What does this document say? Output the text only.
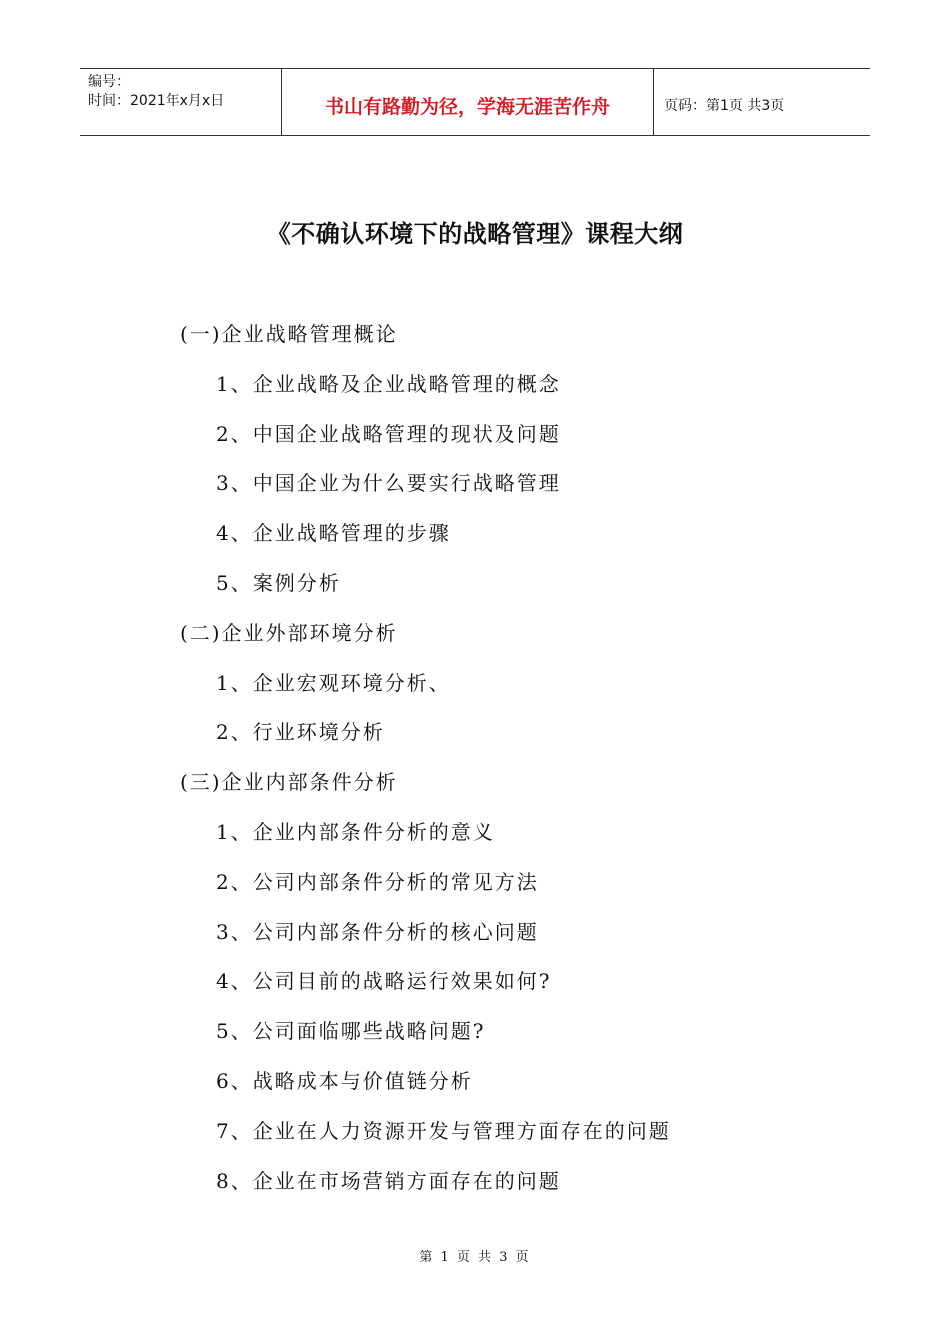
编号：
时间：2021年x月x日	书山有路勤为径，学海无涯苦作舟	页码：第1页 共3页
《不确认环境下的战略管理》课程大纲
(一)企业战略管理概论
1、企业战略及企业战略管理的概念
2、中国企业战略管理的现状及问题
3、中国企业为什么要实行战略管理
4、企业战略管理的步骤
5、案例分析
(二)企业外部环境分析
1、企业宏观环境分析、
2、行业环境分析
(三)企业内部条件分析
1、企业内部条件分析的意义
2、公司内部条件分析的常见方法
3、公司内部条件分析的核心问题
4、公司目前的战略运行效果如何?
5、公司面临哪些战略问题?
6、战略成本与价值链分析
7、企业在人力资源开发与管理方面存在的问题
8、企业在市场营销方面存在的问题
第 1 页 共 3 页
